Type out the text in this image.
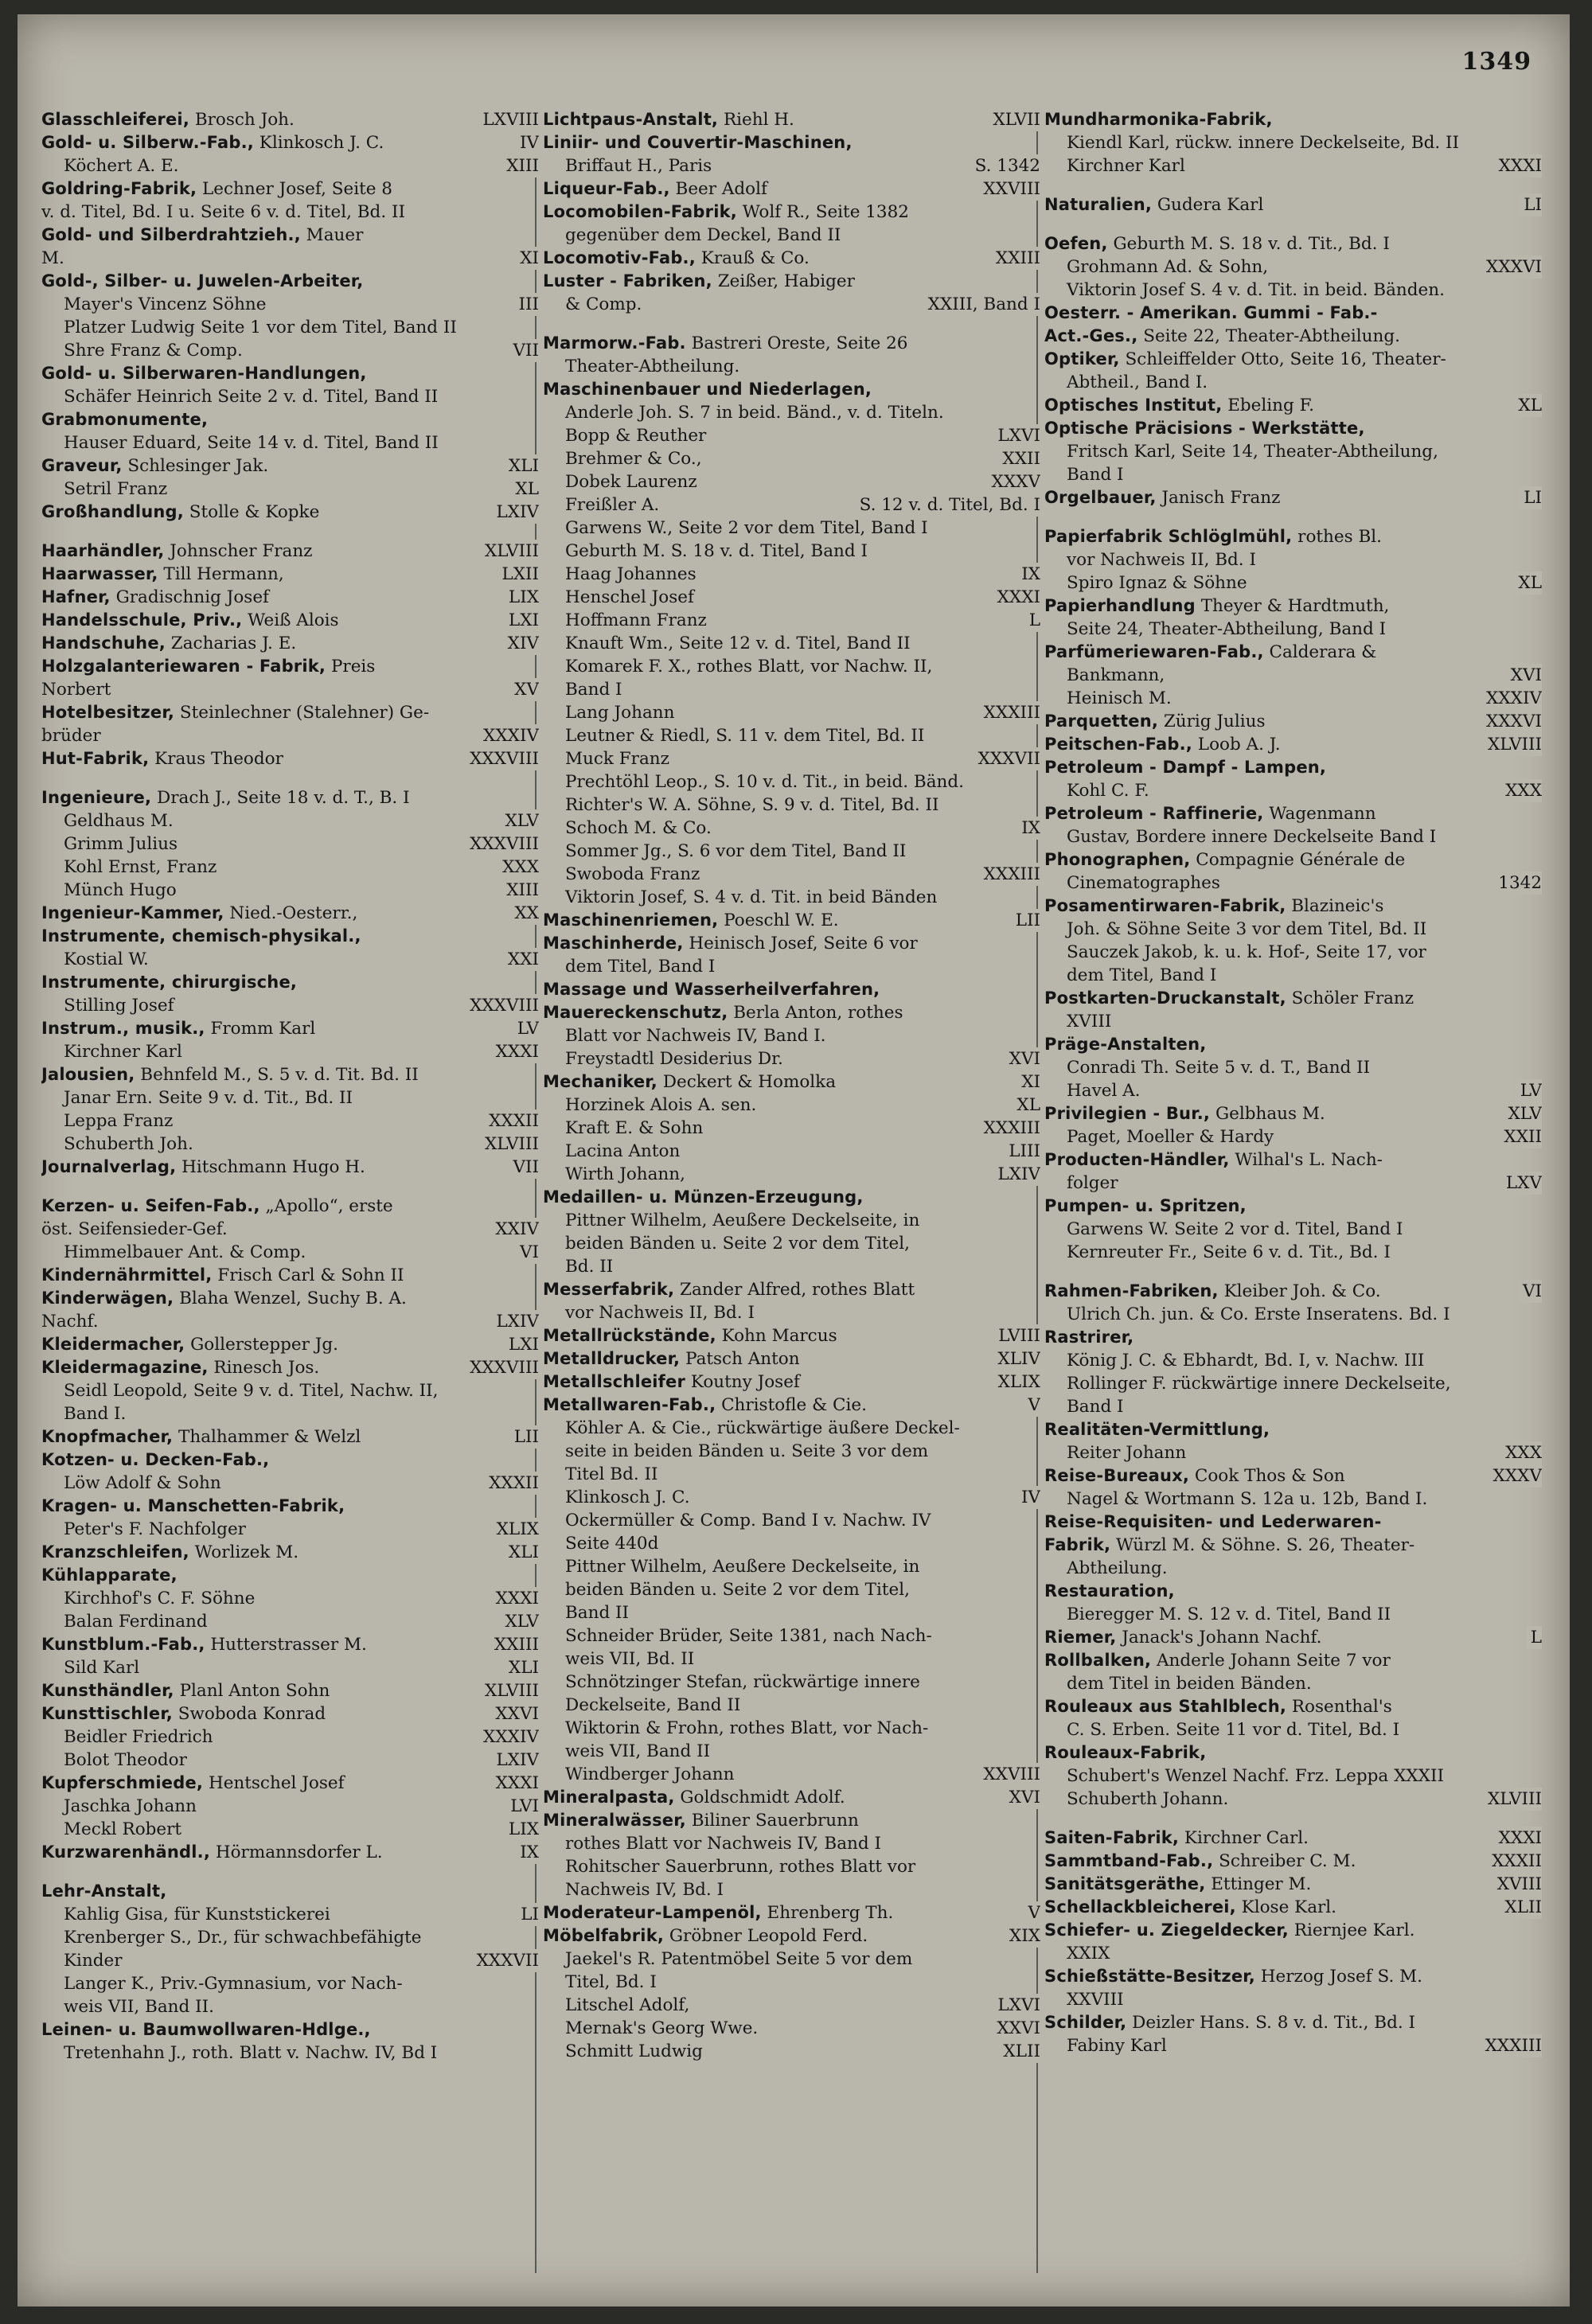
1349
Glasschleiferei, Brosch Joh.	LXVIII
Gold- u. Silberw.-Fab., Klinkosch J. C.	IV
Köchert A. E.	XIII
Goldring-Fabrik, Lechner Josef, Seite 8
v. d. Titel, Bd. I u. Seite 6 v. d. Titel, Bd. II
Gold- und Silberdrahtzieh., Mauer
M.	XI
Gold-, Silber- u. Juwelen-Arbeiter,
Mayer's Vincenz Söhne	III
Platzer Ludwig Seite 1 vor dem Titel, Band II
Shre Franz & Comp.	VII
Gold- u. Silberwaren-Handlungen,
Schäfer Heinrich Seite 2 v. d. Titel, Band II
Grabmonumente,
Hauser Eduard, Seite 14 v. d. Titel, Band II
Graveur, Schlesinger Jak.	XLI
Setril Franz	XL
Großhandlung, Stolle & Kopke	LXIV
Haarhändler, Johnscher Franz	XLVIII
Haarwasser, Till Hermann,	LXII
Hafner, Gradischnig Josef	LIX
Handelsschule, Priv., Weiß Alois	LXI
Handschuhe, Zacharias J. E.	XIV
Holzgalanteriewaren - Fabrik, Preis
Norbert	XV
Hotelbesitzer, Steinlechner (Stalehner) Ge-
brüder	XXXIV
Hut-Fabrik, Kraus Theodor	XXXVIII
Ingenieure, Drach J., Seite 18 v. d. T., B. I
Geldhaus M.	XLV
Grimm Julius	XXXVIII
Kohl Ernst, Franz	XXX
Münch Hugo	XIII
Ingenieur-Kammer, Nied.-Oesterr.,	XX
Instrumente, chemisch-physikal.,
Kostial W.	XXI
Instrumente, chirurgische,
Stilling Josef	XXXVIII
Instrum., musik., Fromm Karl	LV
Kirchner Karl	XXXI
Jalousien, Behnfeld M., S. 5 v. d. Tit. Bd. II
Janar Ern. Seite 9 v. d. Tit., Bd. II
Leppa Franz	XXXII
Schuberth Joh.	XLVIII
Journalverlag, Hitschmann Hugo H.	VII
Kerzen- u. Seifen-Fab., „Apollo“, erste
öst. Seifensieder-Gef.	XXIV
Himmelbauer Ant. & Comp.	VI
Kindernährmittel, Frisch Carl & Sohn II
Kinderwägen, Blaha Wenzel, Suchy B. A.
Nachf.	LXIV
Kleidermacher, Gollerstepper Jg.	LXI
Kleidermagazine, Rinesch Jos.	XXXVIII
Seidl Leopold, Seite 9 v. d. Titel, Nachw. II,
Band I.
Knopfmacher, Thalhammer & Welzl	LII
Kotzen- u. Decken-Fab.,
Löw Adolf & Sohn	XXXII
Kragen- u. Manschetten-Fabrik,
Peter's F. Nachfolger	XLIX
Kranzschleifen, Worlizek M.	XLI
Kühlapparate,
Kirchhof's C. F. Söhne	XXXI
Balan Ferdinand	XLV
Kunstblum.-Fab., Hutterstrasser M.	XXIII
Sild Karl	XLI
Kunsthändler, Planl Anton Sohn	XLVIII
Kunsttischler, Swoboda Konrad	XXVI
Beidler Friedrich	XXXIV
Bolot Theodor	LXIV
Kupferschmiede, Hentschel Josef	XXXI
Jaschka Johann	LVI
Meckl Robert	LIX
Kurzwarenhändl., Hörmannsdorfer L.	IX
Lehr-Anstalt,
Kahlig Gisa, für Kunststickerei	LI
Krenberger S., Dr., für schwachbefähigte
Kinder	XXXVII
Langer K., Priv.-Gymnasium, vor Nach-
weis VII, Band II.
Leinen- u. Baumwollwaren-Hdlge.,
Tretenhahn J., roth. Blatt v. Nachw. IV, Bd I
Lichtpaus-Anstalt, Riehl H.	XLVII
Liniir- und Couvertir-Maschinen,
Briffaut H., Paris	S. 1342
Liqueur-Fab., Beer Adolf	XXVIII
Locomobilen-Fabrik, Wolf R., Seite 1382
gegenüber dem Deckel, Band II
Locomotiv-Fab., Krauß & Co.	XXIII
Luster - Fabriken, Zeißer, Habiger
& Comp.	XXIII, Band I
Marmorw.-Fab. Bastreri Oreste, Seite 26
Theater-Abtheilung.
Maschinenbauer und Niederlagen,
Anderle Joh. S. 7 in beid. Bänd., v. d. Titeln.
Bopp & Reuther	LXVI
Brehmer & Co.,	XXII
Dobek Laurenz	XXXV
Freißler A.	S. 12 v. d. Titel, Bd. I
Garwens W., Seite 2 vor dem Titel, Band I
Geburth M. S. 18 v. d. Titel, Band I
Haag Johannes	IX
Henschel Josef	XXXI
Hoffmann Franz	L
Knauft Wm., Seite 12 v. d. Titel, Band II
Komarek F. X., rothes Blatt, vor Nachw. II,
Band I
Lang Johann	XXXIII
Leutner & Riedl, S. 11 v. dem Titel, Bd. II
Muck Franz	XXXVII
Prechtöhl Leop., S. 10 v. d. Tit., in beid. Bänd.
Richter's W. A. Söhne, S. 9 v. d. Titel, Bd. II
Schoch M. & Co.	IX
Sommer Jg., S. 6 vor dem Titel, Band II
Swoboda Franz	XXXIII
Viktorin Josef, S. 4 v. d. Tit. in beid Bänden
Maschinenriemen, Poeschl W. E.	LII
Maschinherde, Heinisch Josef, Seite 6 vor
dem Titel, Band I
Massage und Wasserheilverfahren,
Mauereckenschutz, Berla Anton, rothes
Blatt vor Nachweis IV, Band I.
Freystadtl Desiderius Dr.	XVI
Mechaniker, Deckert & Homolka	XI
Horzinek Alois A. sen.	XL
Kraft E. & Sohn	XXXIII
Lacina Anton	LIII
Wirth Johann,	LXIV
Medaillen- u. Münzen-Erzeugung,
Pittner Wilhelm, Aeußere Deckelseite, in
beiden Bänden u. Seite 2 vor dem Titel,
Bd. II
Messerfabrik, Zander Alfred, rothes Blatt
vor Nachweis II, Bd. I
Metallrückstände, Kohn Marcus	LVIII
Metalldrucker, Patsch Anton	XLIV
Metallschleifer Koutny Josef	XLIX
Metallwaren-Fab., Christofle & Cie.	V
Köhler A. & Cie., rückwärtige äußere Deckel-
seite in beiden Bänden u. Seite 3 vor dem
Titel Bd. II
Klinkosch J. C.	IV
Ockermüller & Comp. Band I v. Nachw. IV
Seite 440d
Pittner Wilhelm, Aeußere Deckelseite, in
beiden Bänden u. Seite 2 vor dem Titel,
Band II
Schneider Brüder, Seite 1381, nach Nach-
weis VII, Bd. II
Schnötzinger Stefan, rückwärtige innere
Deckelseite, Band II
Wiktorin & Frohn, rothes Blatt, vor Nach-
weis VII, Band II
Windberger Johann	XXVIII
Mineralpasta, Goldschmidt Adolf.	XVI
Mineralwässer, Biliner Sauerbrunn
rothes Blatt vor Nachweis IV, Band I
Rohitscher Sauerbrunn, rothes Blatt vor
Nachweis IV, Bd. I
Moderateur-Lampenöl, Ehrenberg Th.	V
Möbelfabrik, Gröbner Leopold Ferd.	XIX
Jaekel's R. Patentmöbel Seite 5 vor dem
Titel, Bd. I
Litschel Adolf,	LXVI
Mernak's Georg Wwe.	XXVI
Schmitt Ludwig	XLII
Mundharmonika-Fabrik,
Kiendl Karl, rückw. innere Deckelseite, Bd. II
Kirchner Karl	XXXI
Naturalien, Gudera Karl	LI
Oefen, Geburth M. S. 18 v. d. Tit., Bd. I
Grohmann Ad. & Sohn,	XXXVI
Viktorin Josef S. 4 v. d. Tit. in beid. Bänden.
Oesterr. - Amerikan. Gummi - Fab.-
Act.-Ges., Seite 22, Theater-Abtheilung.
Optiker, Schleiffelder Otto, Seite 16, Theater-
Abtheil., Band I.
Optisches Institut, Ebeling F.	XL
Optische Präcisions - Werkstätte,
Fritsch Karl, Seite 14, Theater-Abtheilung,
Band I
Orgelbauer, Janisch Franz	LI
Papierfabrik Schlöglmühl, rothes Bl.
vor Nachweis II, Bd. I
Spiro Ignaz & Söhne	XL
Papierhandlung Theyer & Hardtmuth,
Seite 24, Theater-Abtheilung, Band I
Parfümeriewaren-Fab., Calderara &
Bankmann,	XVI
Heinisch M.	XXXIV
Parquetten, Zürig Julius	XXXVI
Peitschen-Fab., Loob A. J.	XLVIII
Petroleum - Dampf - Lampen,
Kohl C. F.	XXX
Petroleum - Raffinerie, Wagenmann
Gustav, Bordere innere Deckelseite Band I
Phonographen, Compagnie Générale de
Cinematographes	1342
Posamentirwaren-Fabrik, Blazineic's
Joh. & Söhne Seite 3 vor dem Titel, Bd. II
Sauczek Jakob, k. u. k. Hof-, Seite 17, vor
dem Titel, Band I
Postkarten-Druckanstalt, Schöler Franz
XVIII
Präge-Anstalten,
Conradi Th. Seite 5 v. d. T., Band II
Havel A.	LV
Privilegien - Bur., Gelbhaus M.	XLV
Paget, Moeller & Hardy	XXII
Producten-Händler, Wilhal's L. Nach-
folger	LXV
Pumpen- u. Spritzen,
Garwens W. Seite 2 vor d. Titel, Band I
Kernreuter Fr., Seite 6 v. d. Tit., Bd. I
Rahmen-Fabriken, Kleiber Joh. & Co.	VI
Ulrich Ch. jun. & Co. Erste Inseratens. Bd. I
Rastrirer,
König J. C. & Ebhardt, Bd. I, v. Nachw. III
Rollinger F. rückwärtige innere Deckelseite,
Band I
Realitäten-Vermittlung,
Reiter Johann	XXX
Reise-Bureaux, Cook Thos & Son	XXXV
Nagel & Wortmann S. 12a u. 12b, Band I.
Reise-Requisiten- und Lederwaren-
Fabrik, Würzl M. & Söhne. S. 26, Theater-
Abtheilung.
Restauration,
Bieregger M. S. 12 v. d. Titel, Band II
Riemer, Janack's Johann Nachf.	L
Rollbalken, Anderle Johann Seite 7 vor
dem Titel in beiden Bänden.
Rouleaux aus Stahlblech, Rosenthal's
C. S. Erben. Seite 11 vor d. Titel, Bd. I
Rouleaux-Fabrik,
Schubert's Wenzel Nachf. Frz. Leppa XXXII
Schuberth Johann.	XLVIII
Saiten-Fabrik, Kirchner Carl.	XXXI
Sammtband-Fab., Schreiber C. M.	XXXII
Sanitätsgeräthe, Ettinger M.	XVIII
Schellackbleicherei, Klose Karl.	XLII
Schiefer- u. Ziegeldecker, Riernjee Karl.
XXIX
Schießstätte-Besitzer, Herzog Josef S. M.
XXVIII
Schilder, Deizler Hans. S. 8 v. d. Tit., Bd. I
Fabiny Karl	XXXIII
